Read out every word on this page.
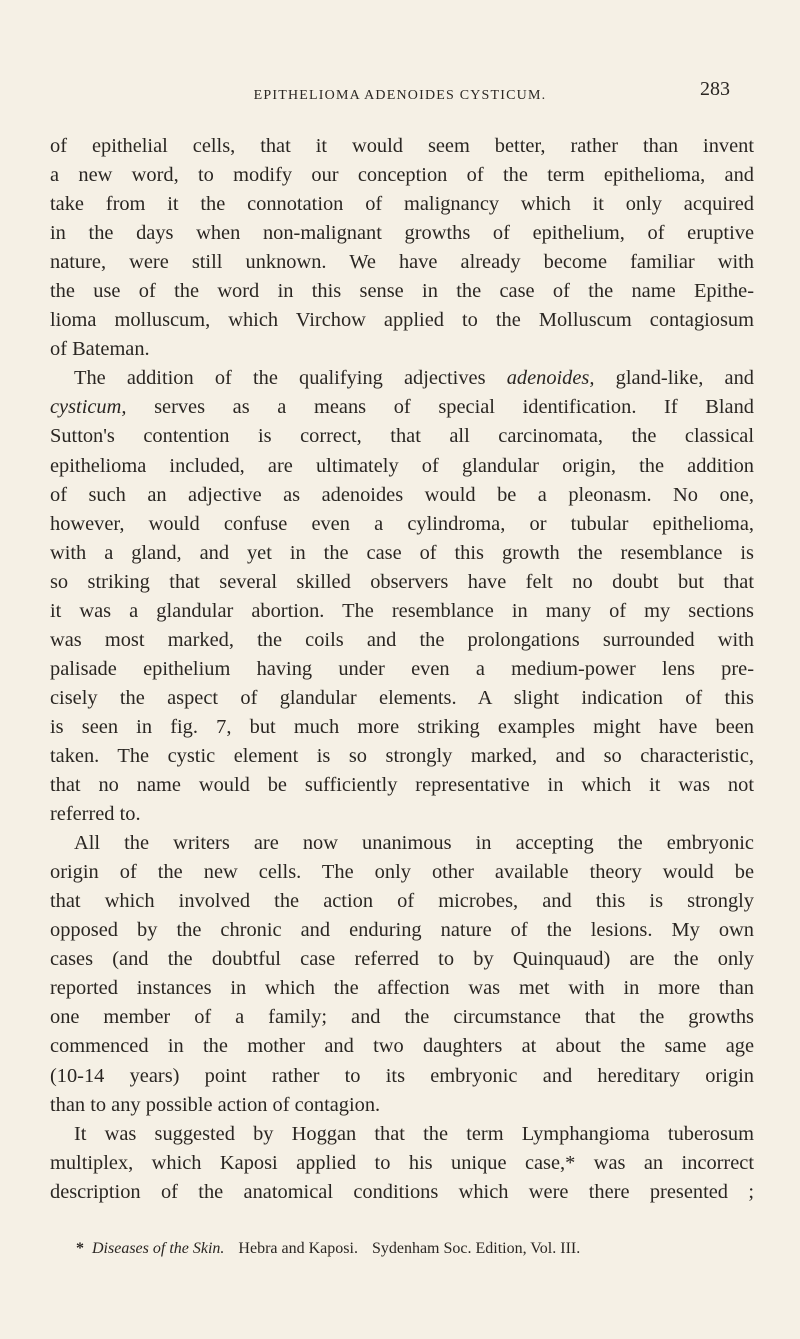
EPITHELIOMA ADENOIDES CYSTICUM.	283

of epithelial cells, that it would seem better, rather than invent
a new word, to modify our conception of the term epithelioma, and
take from it the connotation of malignancy which it only acquired
in the days when non-malignant growths of epithelium, of eruptive
nature, were still unknown. We have already become familiar with
the use of the word in this sense in the case of the name Epithe-
lioma molluscum, which Virchow applied to the Molluscum contagiosum
of Bateman.

The addition of the qualifying adjectives adenoides, gland-like, and
cysticum, serves as a means of special identification. If Bland
Sutton's contention is correct, that all carcinomata, the classical
epithelioma included, are ultimately of glandular origin, the addition
of such an adjective as adenoides would be a pleonasm. No one,
however, would confuse even a cylindroma, or tubular epithelioma,
with a gland, and yet in the case of this growth the resemblance is
so striking that several skilled observers have felt no doubt but that
it was a glandular abortion. The resemblance in many of my sections
was most marked, the coils and the prolongations surrounded with
palisade epithelium having under even a medium-power lens pre-
cisely the aspect of glandular elements. A slight indication of this
is seen in fig. 7, but much more striking examples might have been
taken. The cystic element is so strongly marked, and so characteristic,
that no name would be sufficiently representative in which it was not
referred to.

All the writers are now unanimous in accepting the embryonic
origin of the new cells. The only other available theory would be
that which involved the action of microbes, and this is strongly
opposed by the chronic and enduring nature of the lesions. My own
cases (and the doubtful case referred to by Quinquaud) are the only
reported instances in which the affection was met with in more than
one member of a family; and the circumstance that the growths
commenced in the mother and two daughters at about the same age
(10-14 years) point rather to its embryonic and hereditary origin
than to any possible action of contagion.

It was suggested by Hoggan that the term Lymphangioma tuberosum
multiplex, which Kaposi applied to his unique case,* was an incorrect
description of the anatomical conditions which were there presented ;

* Diseases of the Skin. Hebra and Kaposi. Sydenham Soc. Edition, Vol. III.
